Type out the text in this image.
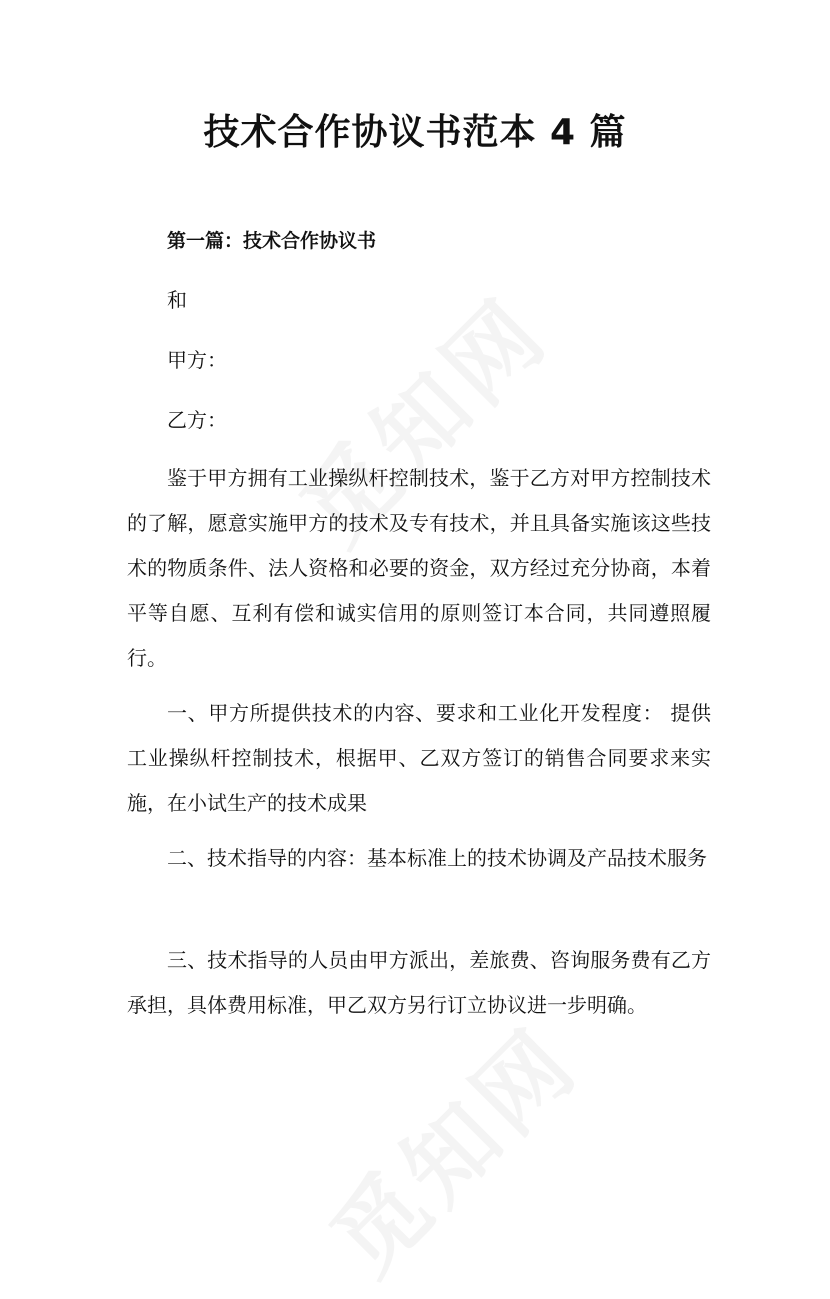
技术合作协议书范本 4 篇
第一篇：技术合作协议书
和
甲方：
乙方：

鉴于甲方拥有工业操纵杆控制技术，鉴于乙方对甲方控制技术的了解，愿意实施甲方的技术及专有技术，并且具备实施该这些技术的物质条件、法人资格和必要的资金，双方经过充分协商，本着平等自愿、互利有偿和诚实信用的原则签订本合同，共同遵照履行。

一、甲方所提供技术的内容、要求和工业化开发程度： 提供工业操纵杆控制技术，根据甲、乙双方签订的销售合同要求来实施，在小试生产的技术成果

二、技术指导的内容：基本标准上的技术协调及产品技术服务

三、技术指导的人员由甲方派出，差旅费、咨询服务费有乙方承担，具体费用标准，甲乙双方另行订立协议进一步明确。
